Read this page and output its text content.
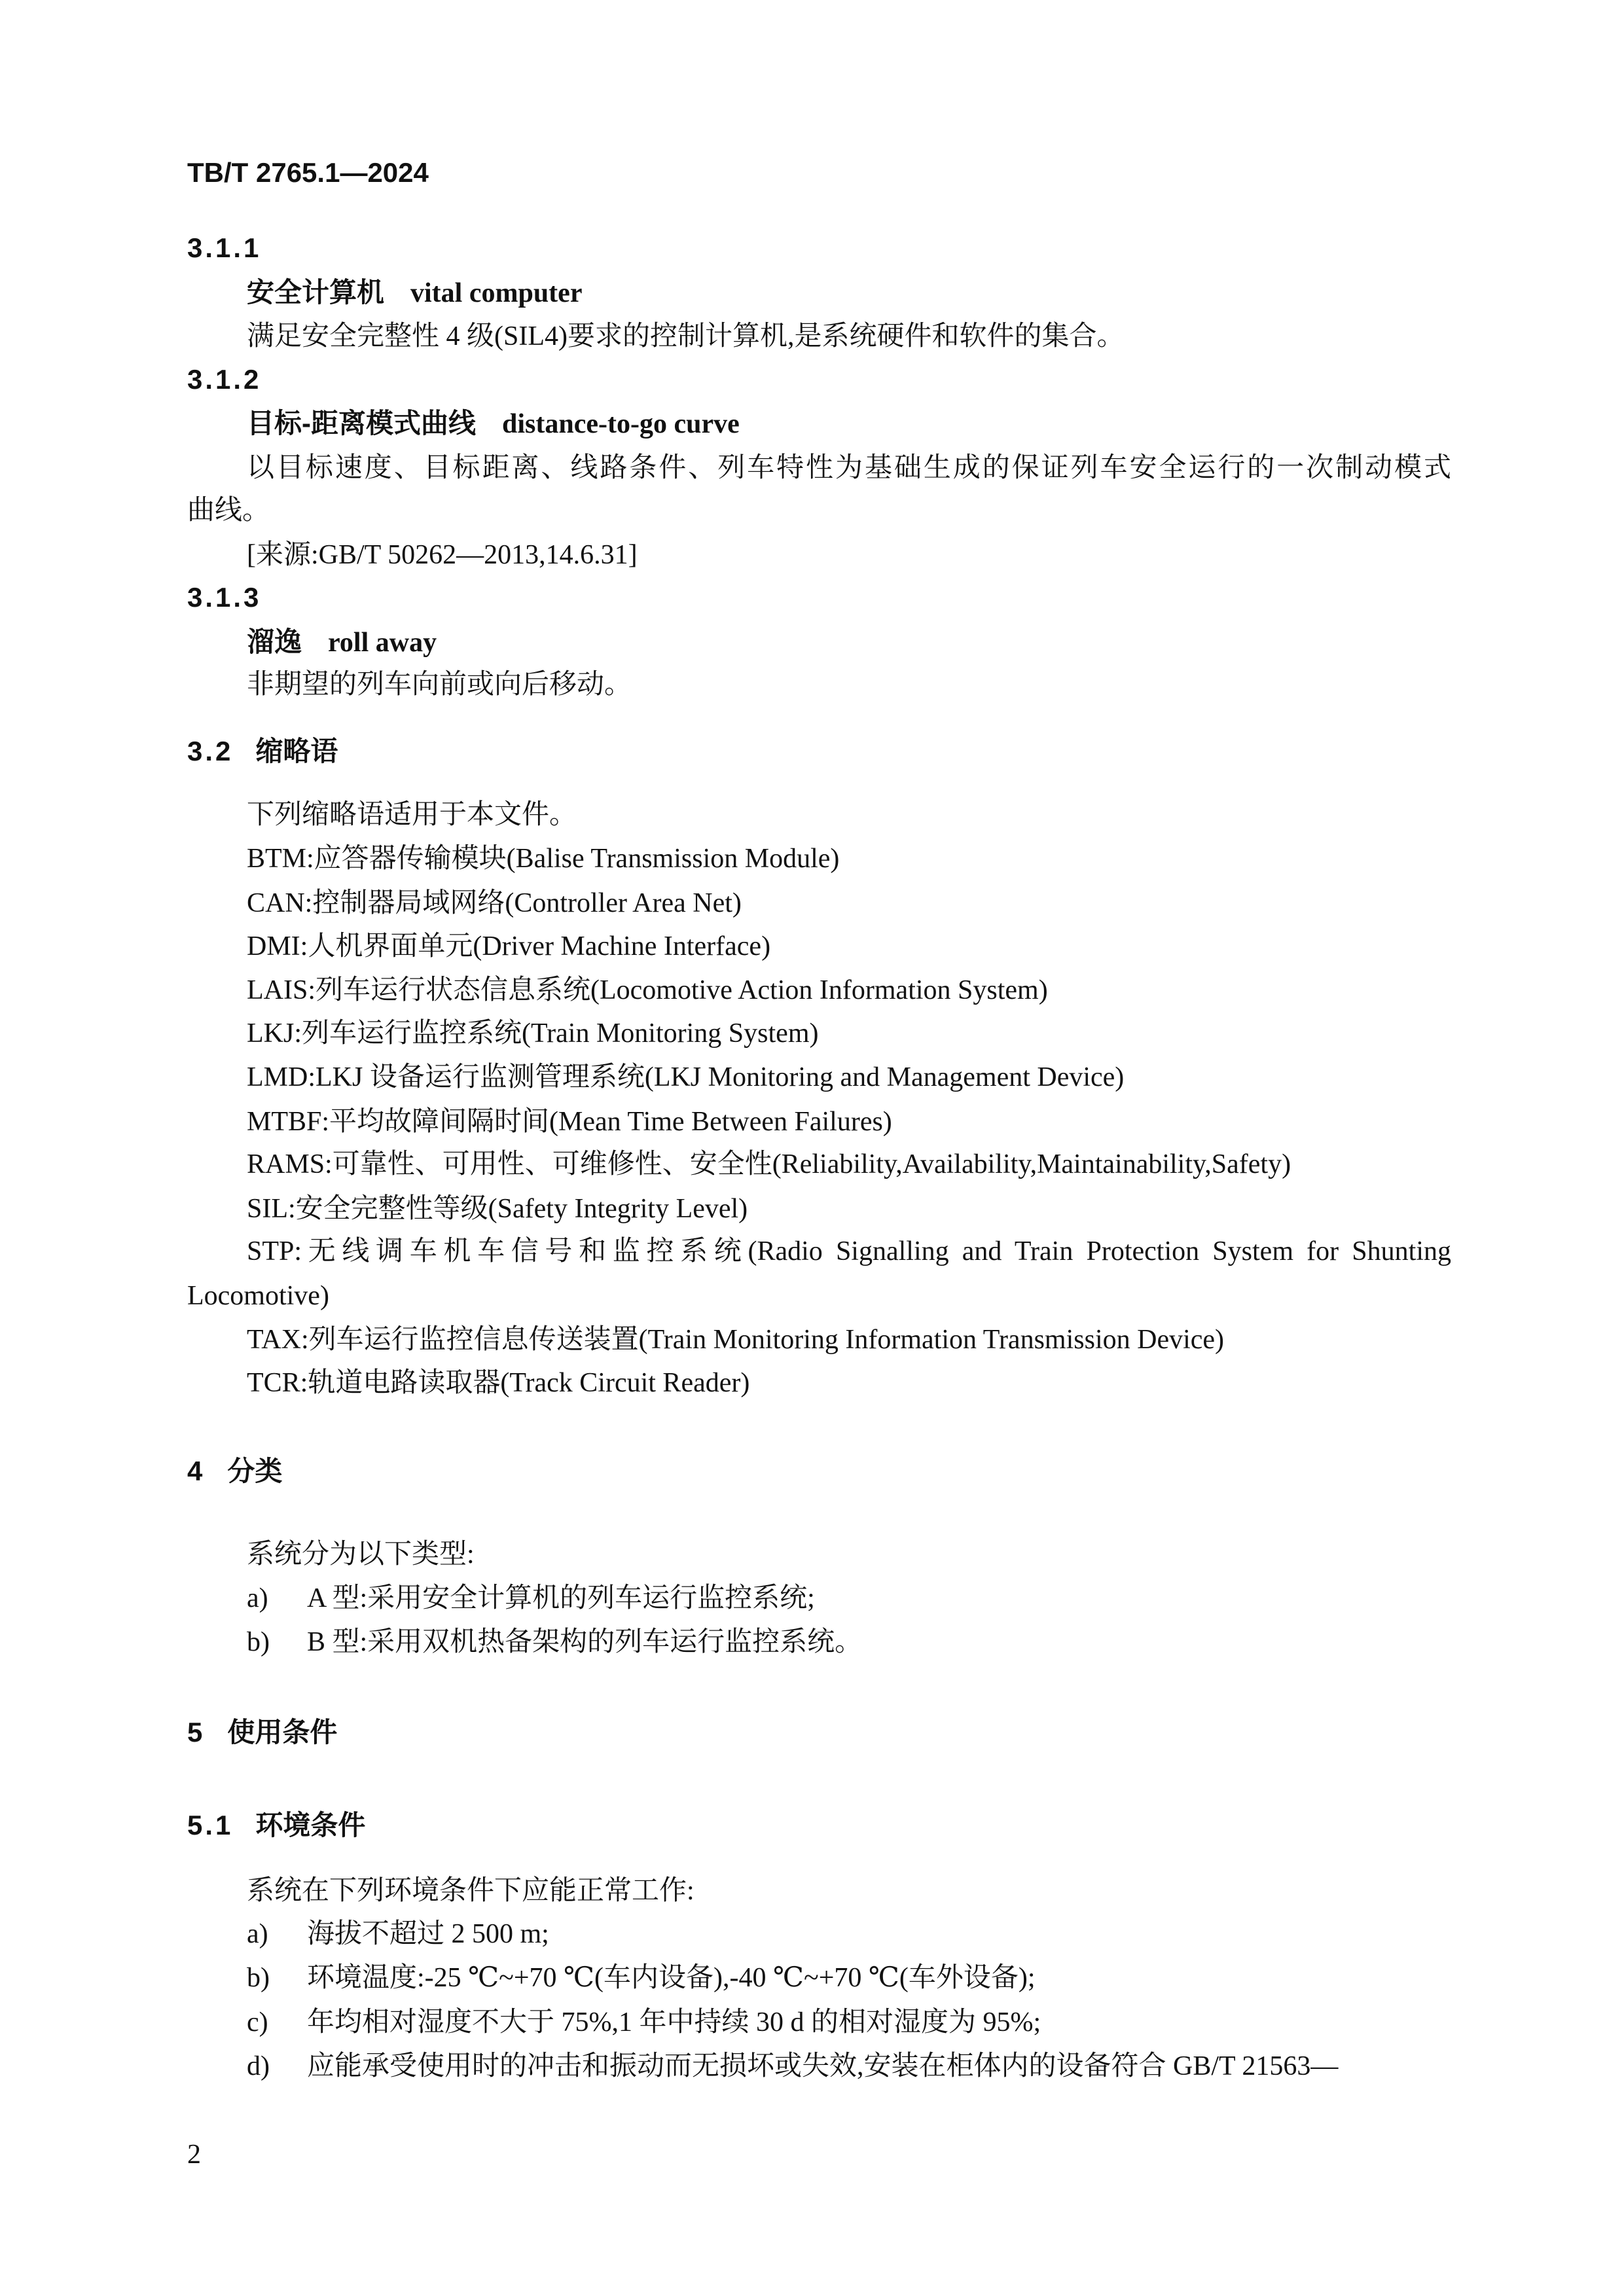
TB/T 2765.1—2024
3.1.1
安全计算机 vital computer
满足安全完整性 4 级(SIL4)要求的控制计算机,是系统硬件和软件的集合。
3.1.2
目标-距离模式曲线 distance-to-go curve
以目标速度、目标距离、线路条件、列车特性为基础生成的保证列车安全运行的一次制动模式
曲线。
[来源:GB/T 50262—2013,14.6.31]
3.1.3
溜逸 roll away
非期望的列车向前或向后移动。
3.2 缩略语
下列缩略语适用于本文件。
BTM:应答器传输模块(Balise Transmission Module)
CAN:控制器局域网络(Controller Area Net)
DMI:人机界面单元(Driver Machine Interface)
LAIS:列车运行状态信息系统(Locomotive Action Information System)
LKJ:列车运行监控系统(Train Monitoring System)
LMD:LKJ 设备运行监测管理系统(LKJ Monitoring and Management Device)
MTBF:平均故障间隔时间(Mean Time Between Failures)
RAMS:可靠性、可用性、可维修性、安全性(Reliability,Availability,Maintainability,Safety)
SIL:安全完整性等级(Safety Integrity Level)
STP:无线调车机车信号和监控系统(Radio Signalling and Train Protection System for Shunting
Locomotive)
TAX:列车运行监控信息传送装置(Train Monitoring Information Transmission Device)
TCR:轨道电路读取器(Track Circuit Reader)
4 分类
系统分为以下类型:
a) A 型:采用安全计算机的列车运行监控系统;
b) B 型:采用双机热备架构的列车运行监控系统。
5 使用条件
5.1 环境条件
系统在下列环境条件下应能正常工作:
a) 海拔不超过 2 500 m;
b) 环境温度:-25 ℃~+70 ℃(车内设备),-40 ℃~+70 ℃(车外设备);
c) 年均相对湿度不大于 75%,1 年中持续 30 d 的相对湿度为 95%;
d) 应能承受使用时的冲击和振动而无损坏或失效,安装在柜体内的设备符合 GB/T 21563—
2
